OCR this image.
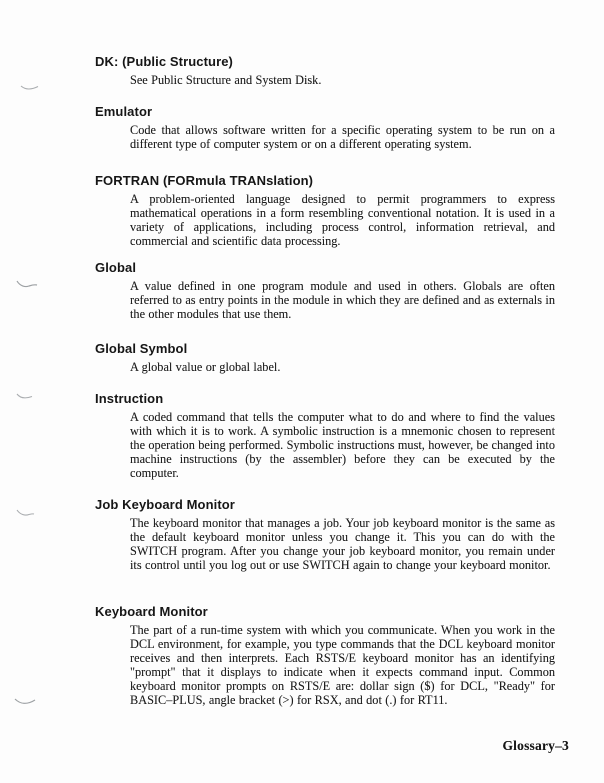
DK: (Public Structure)

See Public Structure and System Disk.

Emulator

Code that allows software written for a specific operating system to be run on a different type of computer system or on a different operating system.

FORTRAN (FORmula TRANslation)

A problem-oriented language designed to permit programmers to express mathematical operations in a form resembling conventional notation. It is used in a variety of applications, including process control, information retrieval, and commercial and scientific data processing.

Global

A value defined in one program module and used in others. Globals are often referred to as entry points in the module in which they are defined and as externals in the other modules that use them.

Global Symbol

A global value or global label.

Instruction

A coded command that tells the computer what to do and where to find the values with which it is to work. A symbolic instruction is a mnemonic chosen to represent the operation being performed. Symbolic instructions must, however, be changed into machine instructions (by the assembler) before they can be executed by the computer.

Job Keyboard Monitor

The keyboard monitor that manages a job. Your job keyboard monitor is the same as the default keyboard monitor unless you change it. This you can do with the SWITCH program. After you change your job keyboard monitor, you remain under its control until you log out or use SWITCH again to change your keyboard monitor.

Keyboard Monitor

The part of a run-time system with which you communicate. When you work in the DCL environment, for example, you type commands that the DCL keyboard monitor receives and then interprets. Each RSTS/E keyboard monitor has an identifying "prompt" that it displays to indicate when it expects command input. Common keyboard monitor prompts on RSTS/E are: dollar sign ($) for DCL, "Ready" for BASIC–PLUS, angle bracket (>) for RSX, and dot (.) for RT11.

Glossary–3
